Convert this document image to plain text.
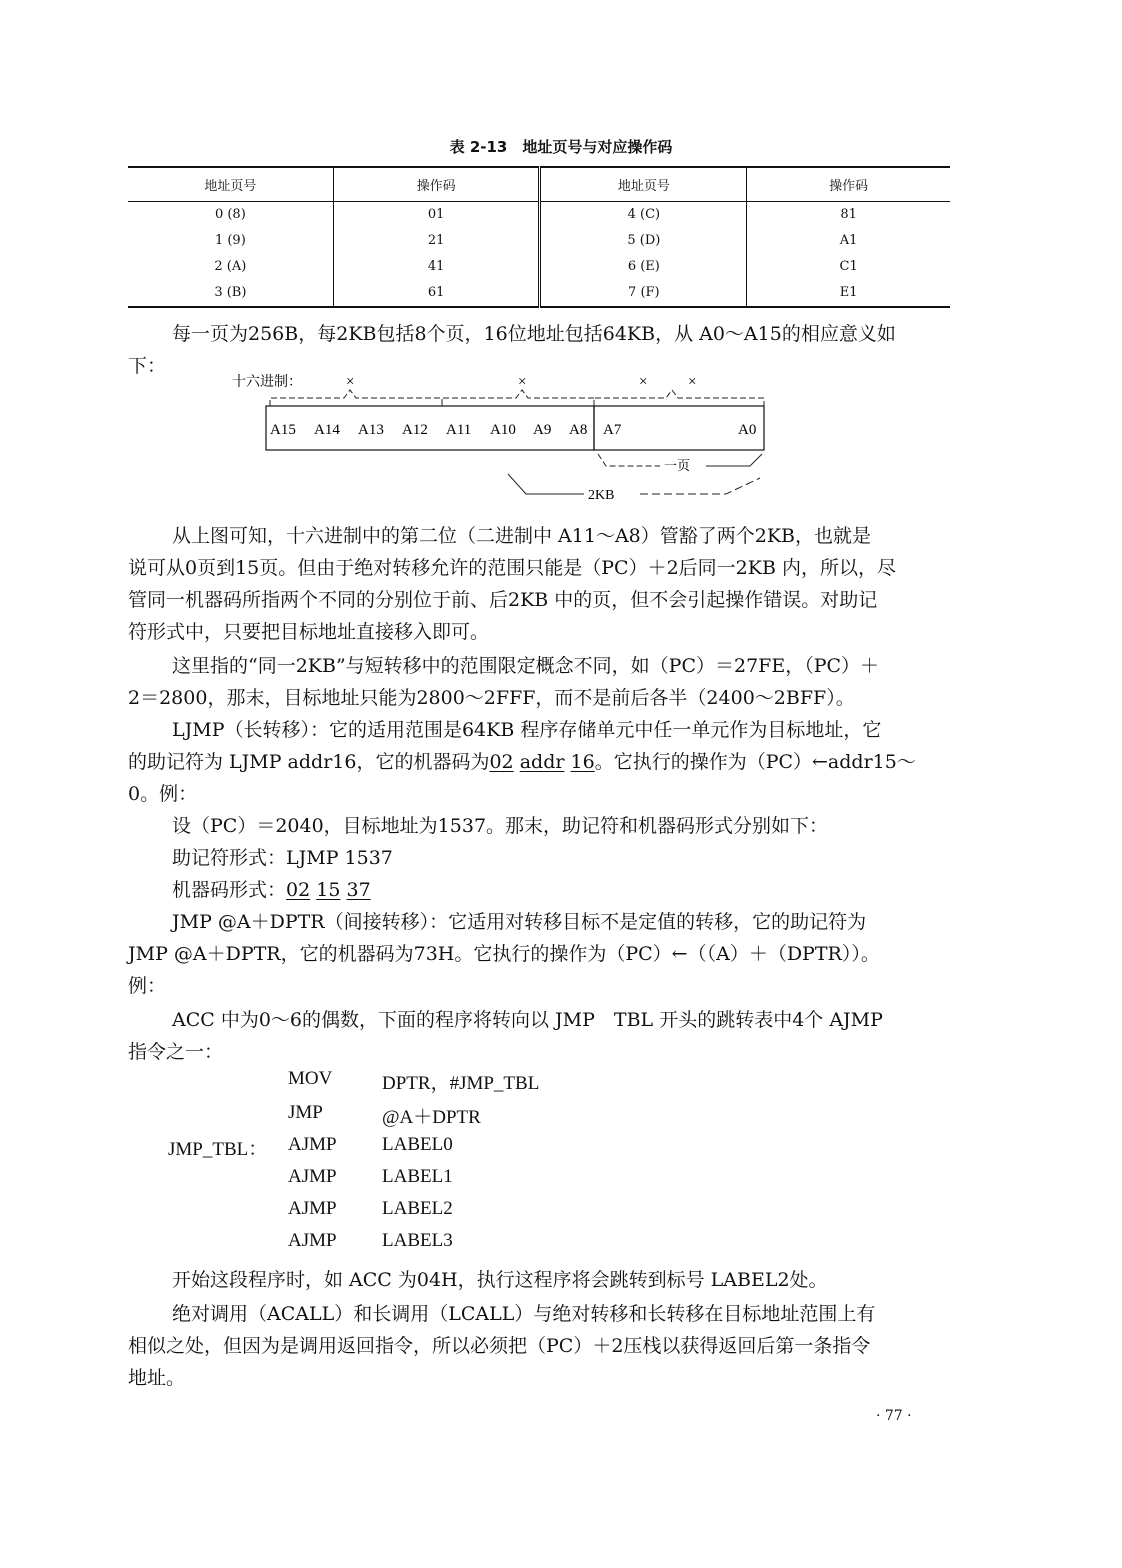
表 2-13　地址页号与对应操作码
地址页号	操作码	地址页号	操作码
0 (8)	01	4 (C)	81
1 (9)	21	5 (D)	A1
2 (A)	41	6 (E)	C1
3 (B)	61	7 (F)	E1
每一页为256B，每2KB包括8个页，16位地址包括64KB，从 A0～A15的相应意义如
下：
十六进制：	×	×	×	×
A15 A14 A13 A12 A11 A10 A9 A8 A7	A0
一页
2KB
从上图可知，十六进制中的第二位（二进制中 A11～A8）管豁了两个2KB，也就是
说可从0页到15页。但由于绝对转移允许的范围只能是（PC）＋2后同一2KB 内，所以，尽
管同一机器码所指两个不同的分别位于前、后2KB 中的页，但不会引起操作错误。对助记
符形式中，只要把目标地址直接移入即可。
这里指的“同一2KB”与短转移中的范围限定概念不同，如（PC）＝27FE，（PC）＋
2＝2800，那末，目标地址只能为2800～2FFF，而不是前后各半（2400～2BFF）。
LJMP（长转移）：它的适用范围是64KB 程序存储单元中任一单元作为目标地址，它
的助记符为 LJMP addr16，它的机器码为02 addr 16。它执行的操作为（PC）←addr15～
0。例：
设（PC）＝2040，目标地址为1537。那末，助记符和机器码形式分别如下：
助记符形式：LJMP 1537
机器码形式：02 15 37
JMP @A＋DPTR（间接转移）：它适用对转移目标不是定值的转移，它的助记符为
JMP @A＋DPTR，它的机器码为73H。它执行的操作为（PC）←（（A）＋（DPTR））。
例：
ACC 中为0～6的偶数，下面的程序将转向以 JMP　TBL 开头的跳转表中4个 AJMP
指令之一：
MOV	DPTR，#JMP_TBL
JMP	@A＋DPTR
JMP_TBL： AJMP LABEL0
AJMP LABEL1
AJMP LABEL2
AJMP LABEL3
开始这段程序时，如 ACC 为04H，执行这程序将会跳转到标号 LABEL2处。
绝对调用（ACALL）和长调用（LCALL）与绝对转移和长转移在目标地址范围上有
相似之处，但因为是调用返回指令，所以必须把（PC）＋2压栈以获得返回后第一条指令
地址。
· 77 ·
